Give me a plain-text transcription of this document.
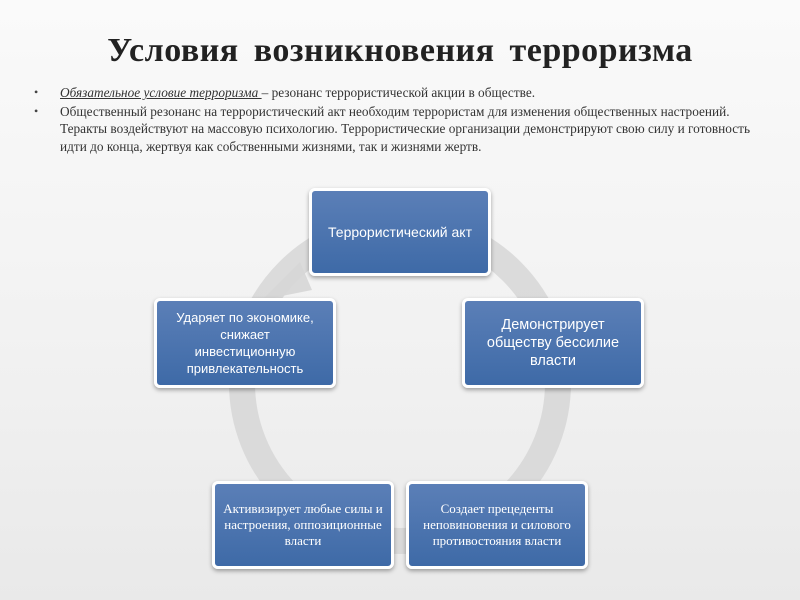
Условия возникновения терроризма
• Обязательное условие терроризма – резонанс террористической акции в обществе.
• Общественный резонанс на террористический акт необходим террористам для изменения общественных настроений. Теракты воздействуют на массовую психологию. Террористические организации демонстрируют свою силу и готовность идти до конца, жертвуя как собственными жизнями, так и жизнями жертв.
Террористический акт
Демонстрирует обществу бессилие власти
Создает прецеденты неповиновения и силового противостояния власти
Активизирует любые силы и настроения, оппозиционные власти
Ударяет по экономике, снижает инвестиционную привлекательность
